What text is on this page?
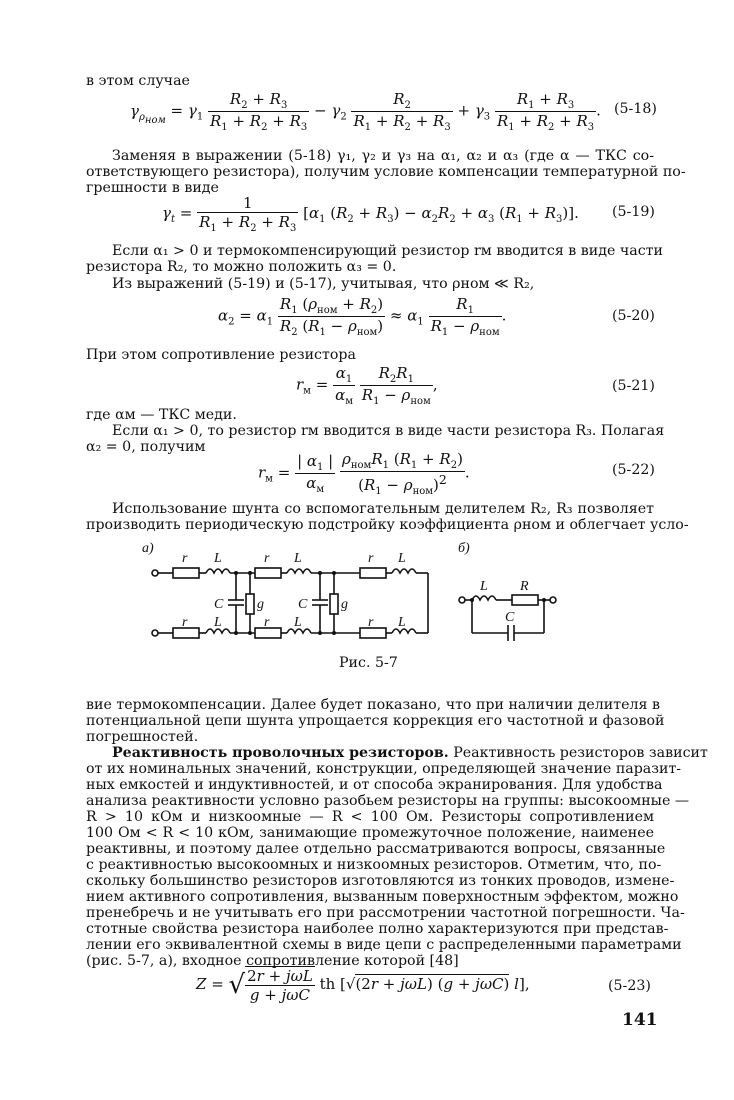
в этом случае
$\gamma_{\rho_{ном}} = \gamma_1 \frac{R_2 + R_3}{R_1 + R_2 + R_3} - \gamma_2 \frac{R_2}{R_1 + R_2 + R_3} + \gamma_3 \frac{R_1 + R_3}{R_1 + R_2 + R_3}$ . (5-18)
Заменяя в выражении (5-18) γ₁, γ₂ и γ₃ на α₁, α₂ и α₃ (где α — ТКС со-
ответствующего резистора), получим условие компенсации температурной по-
грешности в виде
$\gamma_t = \frac{1}{R_1 + R_2 + R_3} [\alpha_1$ $(R_2 + R_3) - \alpha_2R_2 + \alpha_3$ $(R_1 + R_3)$]. (5-19)
Если α₁ > 0 и термокомпенсирующий резистор rм вводится в виде части
резистора R₂, то можно положить α₃ = 0.
Из выражений (5-19) и (5-17), учитывая, что ρном ≪ R₂,
$\alpha_2 = \alpha_1 \frac{R_1 (\rho_{ном} + R_2)}{R_2 (R_1 - \rho_{ном})} \approx \alpha_1 \frac{R_1}{R_1 - \rho_{ном}}$ .	(5-20)
При этом сопротивление резистора
$r_м = \frac{\alpha_1}{\alpha_м}$
$\frac{R_2R_1}{R_1 - \rho_{ном}}$ ,	(5-21)
где αм — ТКС меди.
Если α₁ > 0, то резистор rм вводится в виде части резистора R₃. Полагая
α₂ = 0, получим
$r_м = \frac{| \alpha_1 |}{\alpha_м}$
$\frac{\rho_{ном}R_1 (R_1 + R_2)}{(R_1 - \rho_{ном})^2}$ .	(5-22)
Использование шунта со вспомогательным делителем R₂, R₃ позволяет
производить периодическую подстройку коэффициента ρном и облегчает усло-
а)	б)
r L	r L	r L
C g C g
r L	r L	r L
L R
C
Рис. 5-7
вие термокомпенсации. Далее будет показано, что при наличии делителя в
потенциальной цепи шунта упрощается коррекция его частотной и фазовой
погрешностей.
Реактивность проволочных резисторов. Реактивность резисторов зависит
от их номинальных значений, конструкции, определяющей значение паразит-
ных емкостей и индуктивностей, и от способа экранирования. Для удобства
анализа реактивности условно разобьем резисторы на группы: высокоомные —
R > 10 кОм и низкоомные — R < 100 Ом. Резисторы сопротивлением
100 Ом < R < 10 кОм, занимающие промежуточное положение, наименее
реактивны, и поэтому далее отдельно рассматриваются вопросы, связанные
с реактивностью высокоомных и низкоомных резисторов. Отметим, что, по-
скольку большинство резисторов изготовляются из тонких проводов, измене-
нием активного сопротивления, вызванным поверхностным эффектом, можно
пренебречь и не учитывать его при рассмотрении частотной погрешности. Ча-
стотные свойства резистора наиболее полно характеризуются при представ-
лении его эквивалентной схемы в виде цепи с распределенными параметрами
(рис. 5-7, а), входное сопротивление которой [48]
Z = √ $\frac{\text{2r + jωL}}{\text{g + jωC}}$ th [√(2r + jωL) (g + jωC) l],	(5-23)
141
